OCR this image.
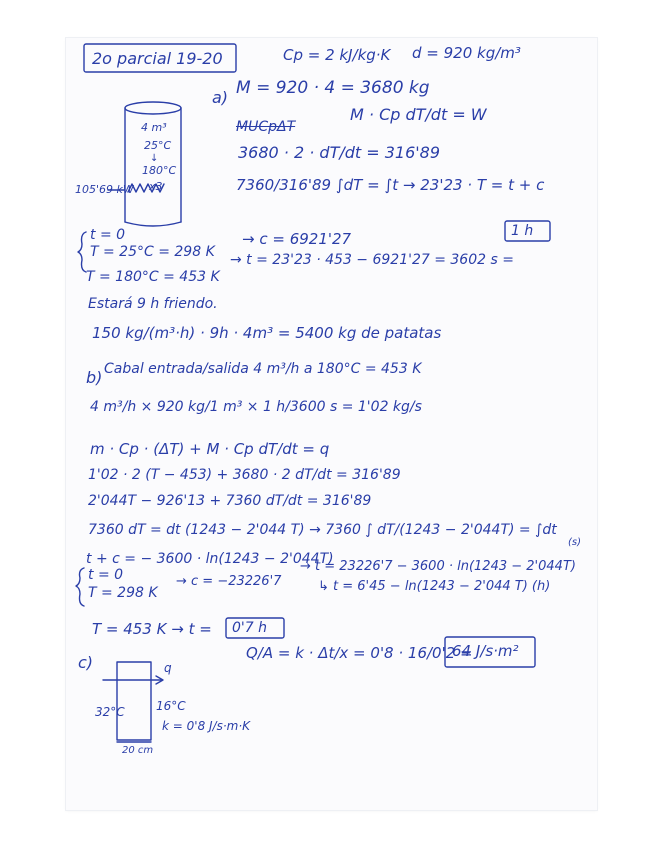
2o parcial 19-20	Cp = 2 kJ/kg·K d = 920 kg/m³
a) M = 920 · 4 = 3680 kg
MUCpΔT
M · Cp dT/dt = W
3680 · 2 · dT/dt = 316'89
7360/316'89 ∫dT = ∫t → 23'23 · T = t + c
4 m³
25°C
↓
180°C
x3
105'69 kW
t = 0
T = 25°C = 298 K
→ c = 6921'27
T = 180°C = 453 K
→ t = 23'23 · 453 − 6921'27 = 3602 s =
1 h
Estará 9 h friendo.
150 kg/(m³·h) · 9h · 4m³ = 5400 kg de patatas
b) Cabal entrada/salida 4 m³/h a 180°C = 453 K
4 m³/h × 920 kg/1 m³ × 1 h/3600 s = 1'02 kg/s
m · Cp · (ΔT) + M · Cp dT/dt = q
1'02 · 2 (T − 453) + 3680 · 2 dT/dt = 316'89
2'044T − 926'13 + 7360 dT/dt = 316'89
7360 dT = dt (1243 − 2'044 T) → 7360 ∫ dT/(1243 − 2'044T) = ∫dt
t + c = − 3600 · ln(1243 − 2'044T)
t = 0
T = 298 K
→ c = −23226'7
→ t = 23226'7 − 3600 · ln(1243 − 2'044T)
(s)
↳ t = 6'45 − ln(1243 − 2'044 T) (h)
T = 453 K → t = 0'7 h
c)	q
32°C	16°C
k = 0'8 J/s·m·K
20 cm
Q/A = k · Δt/x = 0'8 · 16/0'2 =
64 J/s·m²
